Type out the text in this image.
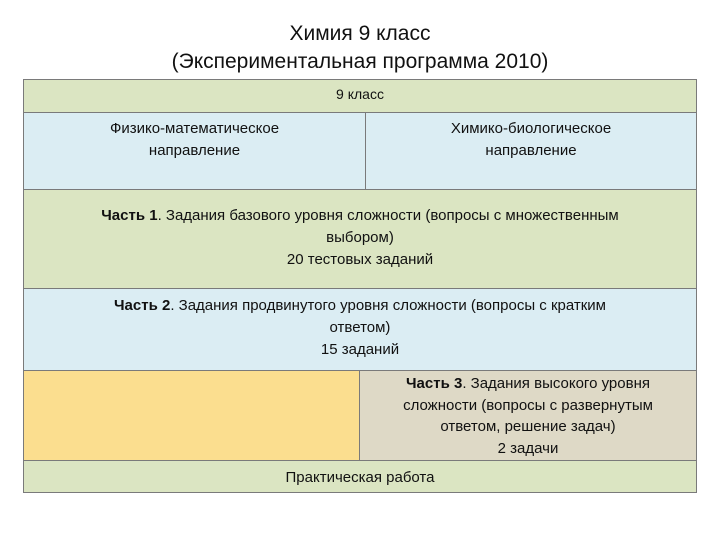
Химия 9 класс
(Экспериментальная программа 2010)
9 класс
Физико-математическое
направление
Химико-биологическое
направление
Часть 1. Задания базового уровня сложности (вопросы с множественным
выбором)
20 тестовых заданий
Часть 2. Задания продвинутого уровня сложности (вопросы с кратким
ответом)
15 заданий
Часть 3. Задания высокого уровня
сложности (вопросы с развернутым
ответом, решение задач)
2 задачи
Практическая работа
